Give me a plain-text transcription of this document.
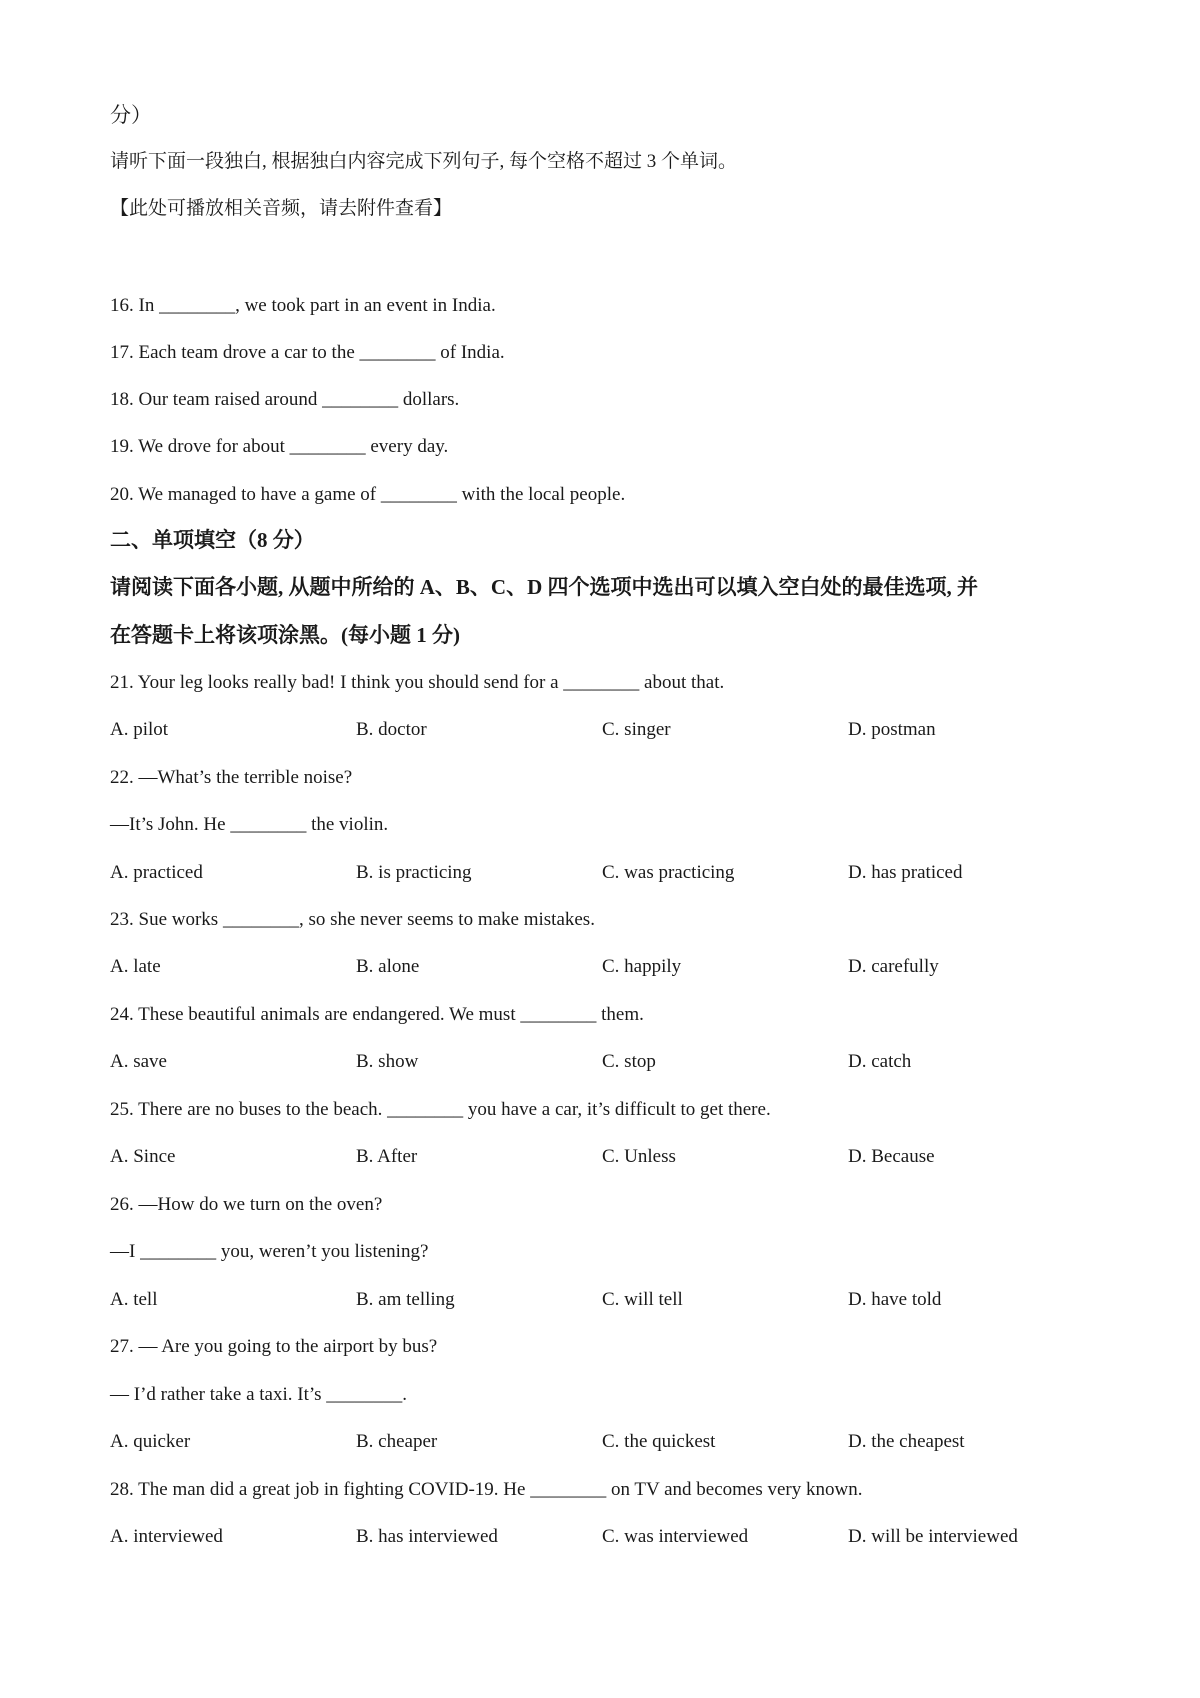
分）
请听下面一段独白, 根据独白内容完成下列句子, 每个空格不超过 3 个单词。
【此处可播放相关音频，请去附件查看】
16. In ________, we took part in an event in India.
17. Each team drove a car to the ________ of India.
18. Our team raised around ________ dollars.
19. We drove for about ________ every day.
20. We managed to have a game of ________ with the local people.
二、单项填空（8 分）
请阅读下面各小题, 从题中所给的 A、B、C、D 四个选项中选出可以填入空白处的最佳选项, 并
在答题卡上将该项涂黑。(每小题 1 分)
21. Your leg looks really bad! I think you should send for a ________ about that.
A. pilot	B. doctor	C. singer	D. postman
22. —What’s the terrible noise?
—It’s John. He ________ the violin.
A. practiced	B. is practicing	C. was practicing	D. has praticed
23. Sue works ________, so she never seems to make mistakes.
A. late	B. alone	C. happily	D. carefully
24. These beautiful animals are endangered. We must ________ them.
A. save	B. show	C. stop	D. catch
25. There are no buses to the beach. ________ you have a car, it’s difficult to get there.
A. Since	B. After	C. Unless	D. Because
26. —How do we turn on the oven?
—I ________ you, weren’t you listening?
A. tell	B. am telling	C. will tell	D. have told
27. — Are you going to the airport by bus?
— I’d rather take a taxi. It’s ________.
A. quicker	B. cheaper	C. the quickest	D. the cheapest
28. The man did a great job in fighting COVID-19. He ________ on TV and becomes very known.
A. interviewed	B. has interviewed	C. was interviewed	D. will be interviewed
